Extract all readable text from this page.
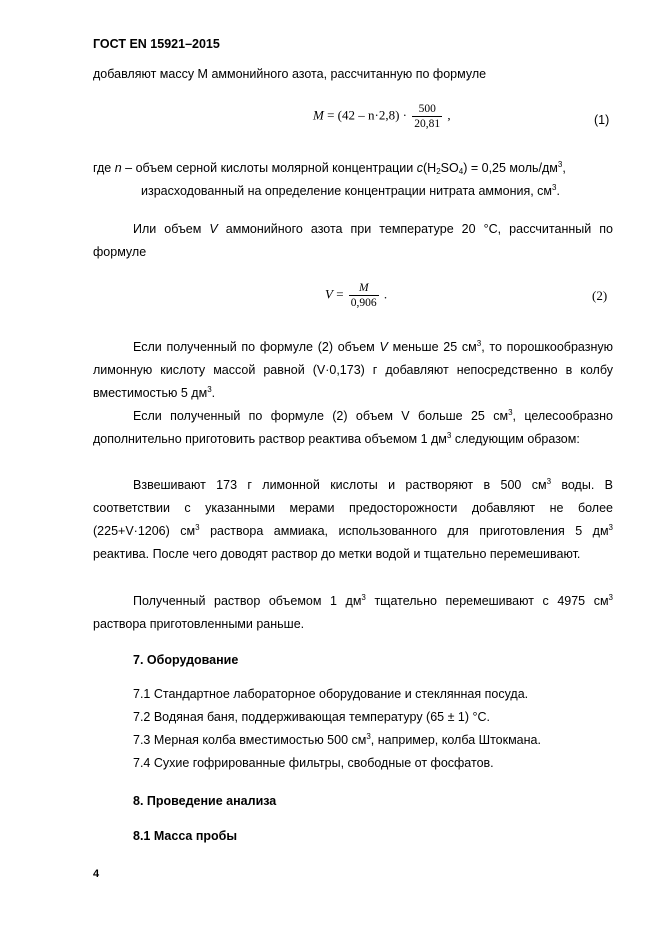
ГОСТ EN 15921–2015
добавляют массу M аммонийного азота, рассчитанную по формуле
$M = (42 - n\cdot 2,8) \cdot \frac{500}{20,81}$ ,	(1)
где n – объем серной кислоты молярной концентрации $c(H_2SO_4) = 0,25$ моль/$дм^3$,
израсходованный на определение концентрации нитрата аммония, $см^3$.
Или объем V аммонийного азота при температуре 20 °С, рассчитанный по формуле
$V = \frac{M}{0,906}$ .	(2)
Если полученный по формуле (2) объем V меньше 25 $см^3$, то порошкообразную лимонную кислоту массой равной (V·0,173) г добавляют непосредственно в колбу вместимостью 5 $дм^3$.
Если полученный по формуле (2) объем V больше 25 $см^3$, целесообразно дополнительно приготовить раствор реактива объемом 1 $дм^3$ следующим образом:
Взвешивают 173 г лимонной кислоты и растворяют в 500 $см^3$ воды. В соответствии с указанными мерами предосторожности добавляют не более (225+V·1206) $см^3$ раствора аммиака, использованного для приготовления 5 $дм^3$ реактива. После чего доводят раствор до метки водой и тщательно перемешивают.
Полученный раствор объемом 1 $дм^3$ тщательно перемешивают с 4975 $см^3$ раствора приготовленными раньше.
7. Оборудование
7.1 Стандартное лабораторное оборудование и стеклянная посуда.
7.2 Водяная баня, поддерживающая температуру (65 ± 1) °С.
7.3 Мерная колба вместимостью 500 $см^3$, например, колба Штокмана.
7.4 Сухие гофрированные фильтры, свободные от фосфатов.
8. Проведение анализа
8.1 Масса пробы
4
